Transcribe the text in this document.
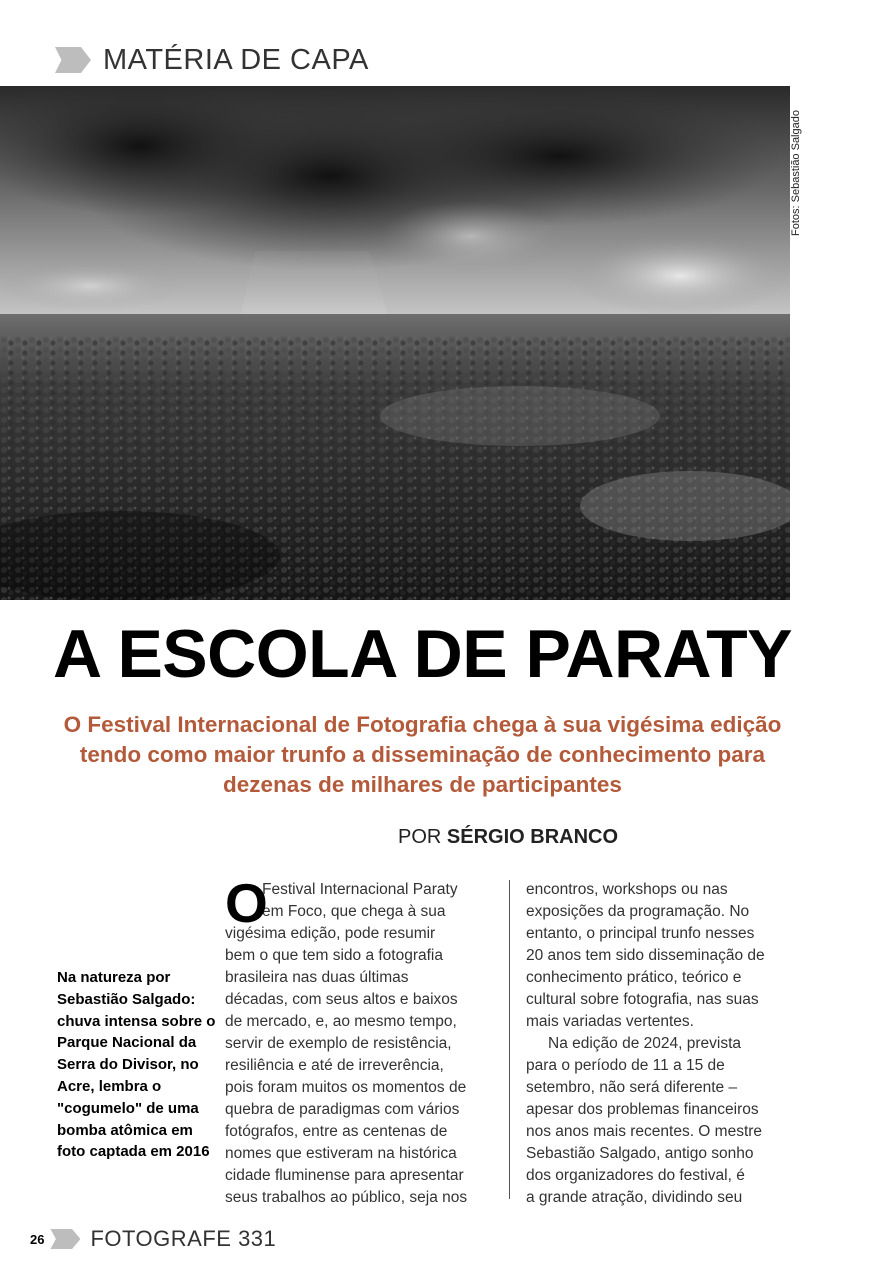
MATÉRIA DE CAPA
Fotos: Sebastião Salgado
A ESCOLA DE PARATY
O Festival Internacional de Fotografia chega à sua vigésima edição tendo como maior trunfo a disseminação de conhecimento para dezenas de milhares de participantes
POR SÉRGIO BRANCO
Na natureza por Sebastião Salgado: chuva intensa sobre o Parque Nacional da Serra do Divisor, no Acre, lembra o "cogumelo" de uma bomba atômica em foto captada em 2016
O
Festival Internacional Paraty
em Foco, que chega à sua
vigésima edição, pode resumir
bem o que tem sido a fotografia
brasileira nas duas últimas
décadas, com seus altos e baixos
de mercado, e, ao mesmo tempo,
servir de exemplo de resistência,
resiliência e até de irreverência,
pois foram muitos os momentos de
quebra de paradigmas com vários
fotógrafos, entre as centenas de
nomes que estiveram na histórica
cidade fluminense para apresentar
seus trabalhos ao público, seja nos
encontros, workshops ou nas
exposições da programação. No
entanto, o principal trunfo nesses
20 anos tem sido disseminação de
conhecimento prático, teórico e
cultural sobre fotografia, nas suas
mais variadas vertentes.
Na edição de 2024, prevista
para o período de 11 a 15 de
setembro, não será diferente –
apesar dos problemas financeiros
nos anos mais recentes. O mestre
Sebastião Salgado, antigo sonho
dos organizadores do festival, é
a grande atração, dividindo seu
26 FOTOGRAFE 331
